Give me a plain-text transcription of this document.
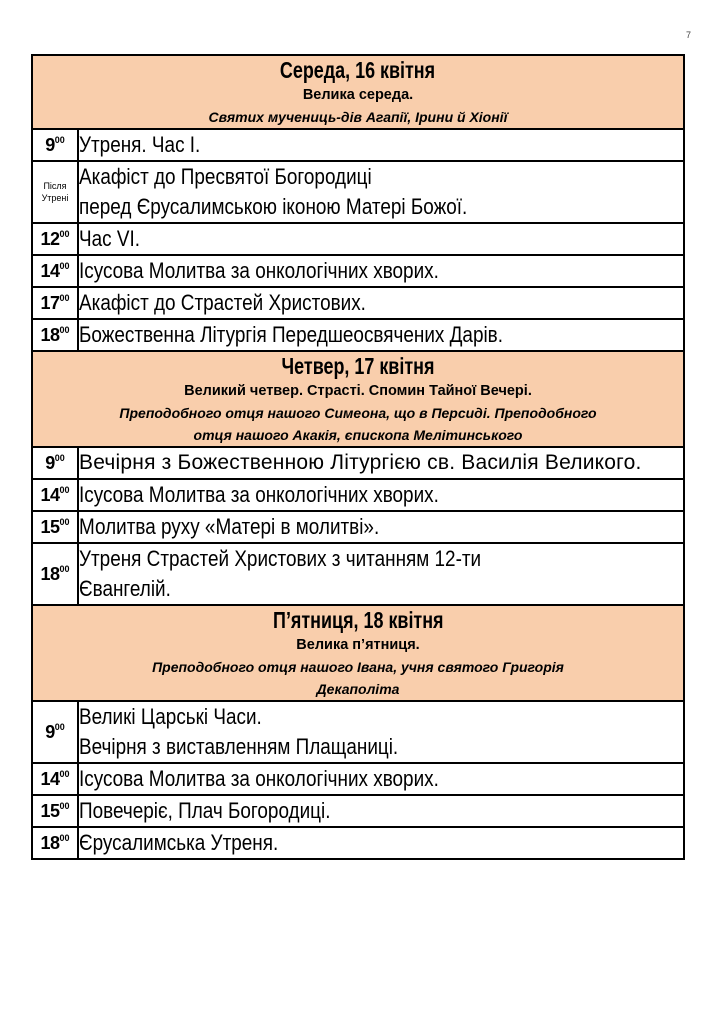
7
Середа, 16 квітня
Велика середа.
Святих мучениць-дів Агапії, Ірини й Хіонії	

$9^{00}$	Утреня. Час І.

Після Утрені	Акафіст до Пресвятої Богородиці
перед Єрусалимською іконою Матері Божої.

$12^{00}$	Час VI.

$14^{00}$	Ісусова Молитва за онкологічних хворих.

$17^{00}$	Акафіст до Страстей Христових.

$18^{00}$	Божественна Літургія Передшеосвячених Дарів.

Четвер, 17 квітня
Великий четвер. Страсті. Спомин Тайної Вечері.
Преподобного отця нашого Симеона, що в Персиді. Преподобного
отця нашого Акакія, єпископа Мелітинського	

$9^{00}$	Вечірня з Божественною Літургією св. Василія Великого.

$14^{00}$	Ісусова Молитва за онкологічних хворих.

$15^{00}$	Молитва руху «Матері в молитві».

$18^{00}$	Утреня Страстей Христових з читанням 12-ти
Євангелій.

П’ятниця, 18 квітня
Велика п’ятниця.
Преподобного отця нашого Івана, учня святого Григорія
Декаполіта	

$9^{00}$	Великі Царські Часи.
Вечірня з виставленням Плащаниці.

$14^{00}$	Ісусова Молитва за онкологічних хворих.

$15^{00}$	Повечеріє, Плач Богородиці.

$18^{00}$	Єрусалимська Утреня.
